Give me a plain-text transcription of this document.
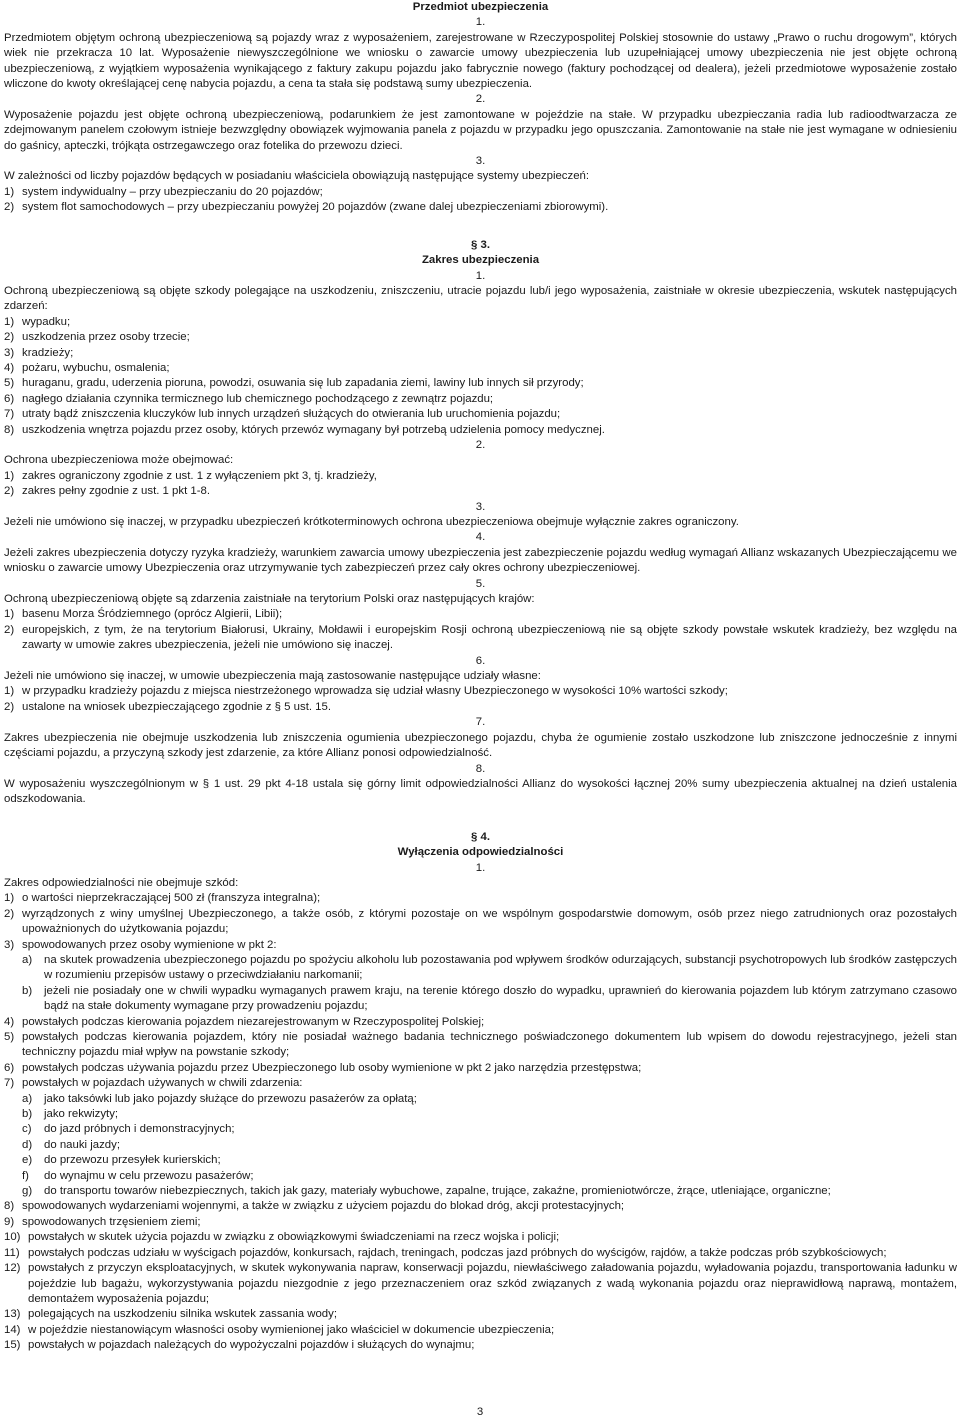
Przedmiot ubezpieczenia
1.
Przedmiotem objętym ochroną ubezpieczeniową są pojazdy wraz z wyposażeniem, zarejestrowane w Rzeczypospolitej Polskiej stosownie do ustawy „Prawo o ruchu drogowym”, których wiek nie przekracza 10 lat. Wyposażenie niewyszczególnione we wniosku o zawarcie umowy ubezpieczenia lub uzupełniającej umowy ubezpieczenia nie jest objęte ochroną ubezpieczeniową, z wyjątkiem wyposażenia wynikającego z faktury zakupu pojazdu jako fabrycznie nowego (faktury pochodzącej od dealera), jeżeli przedmiotowe wyposażenie zostało wliczone do kwoty określającej cenę nabycia pojazdu, a cena ta stała się podstawą sumy ubezpieczenia.
2.
Wyposażenie pojazdu jest objęte ochroną ubezpieczeniową, podarunkiem że jest zamontowane w pojeździe na stałe. W przypadku ubezpieczania radia lub radioodtwarzacza ze zdejmowanym panelem czołowym istnieje bezwzględny obowiązek wyjmowania panela z pojazdu w przypadku jego opuszczania. Zamontowanie na stałe nie jest wymagane w odniesieniu do gaśnicy, apteczki, trójkąta ostrzegawczego oraz fotelika do przewozu dzieci.
3.
W zależności od liczby pojazdów będących w posiadaniu właściciela obowiązują następujące systemy ubezpieczeń:
1) system indywidualny – przy ubezpieczaniu do 20 pojazdów;
2) system flot samochodowych – przy ubezpieczaniu powyżej 20 pojazdów (zwane dalej ubezpieczeniami zbiorowymi).
§ 3.
Zakres ubezpieczenia
1.
Ochroną ubezpieczeniową są objęte szkody polegające na uszkodzeniu, zniszczeniu, utracie pojazdu lub/i jego wyposażenia, zaistniałe w okresie ubezpieczenia, wskutek następujących zdarzeń:
1) wypadku;
2) uszkodzenia przez osoby trzecie;
3) kradzieży;
4) pożaru, wybuchu, osmalenia;
5) huraganu, gradu, uderzenia pioruna, powodzi, osuwania się lub zapadania ziemi, lawiny lub innych sił przyrody;
6) nagłego działania czynnika termicznego lub chemicznego pochodzącego z zewnątrz pojazdu;
7) utraty bądź zniszczenia kluczyków lub innych urządzeń służących do otwierania lub uruchomienia pojazdu;
8) uszkodzenia wnętrza pojazdu przez osoby, których przewóz wymagany był potrzebą udzielenia pomocy medycznej.
2.
Ochrona ubezpieczeniowa może obejmować:
1) zakres ograniczony zgodnie z ust. 1 z wyłączeniem pkt 3, tj. kradzieży,
2) zakres pełny zgodnie z ust. 1 pkt 1-8.
3.
Jeżeli nie umówiono się inaczej, w przypadku ubezpieczeń krótkoterminowych ochrona ubezpieczeniowa obejmuje wyłącznie zakres ograniczony.
4.
Jeżeli zakres ubezpieczenia dotyczy ryzyka kradzieży, warunkiem zawarcia umowy ubezpieczenia jest zabezpieczenie pojazdu według wymagań Allianz wskazanych Ubezpieczającemu we wniosku o zawarcie umowy Ubezpieczenia oraz utrzymywanie tych zabezpieczeń przez cały okres ochrony ubezpieczeniowej.
5.
Ochroną ubezpieczeniową objęte są zdarzenia zaistniałe na terytorium Polski oraz następujących krajów:
1) basenu Morza Śródziemnego (oprócz Algierii, Libii);
2) europejskich, z tym, że na terytorium Białorusi, Ukrainy, Mołdawii i europejskim Rosji ochroną ubezpieczeniową nie są objęte szkody powstałe wskutek kradzieży, bez względu na zawarty w umowie zakres ubezpieczenia, jeżeli nie umówiono się inaczej.
6.
Jeżeli nie umówiono się inaczej, w umowie ubezpieczenia mają zastosowanie następujące udziały własne:
1) w przypadku kradzieży pojazdu z miejsca niestrzeżonego wprowadza się udział własny Ubezpieczonego w wysokości 10% wartości szkody;
2) ustalone na wniosek ubezpieczającego zgodnie z § 5 ust. 15.
7.
Zakres ubezpieczenia nie obejmuje uszkodzenia lub zniszczenia ogumienia ubezpieczonego pojazdu, chyba że ogumienie zostało uszkodzone lub zniszczone jednocześnie z innymi częściami pojazdu, a przyczyną szkody jest zdarzenie, za które Allianz ponosi odpowiedzialność.
8.
W wyposażeniu wyszczególnionym w § 1 ust. 29 pkt 4-18 ustala się górny limit odpowiedzialności Allianz do wysokości łącznej 20% sumy ubezpieczenia aktualnej na dzień ustalenia odszkodowania.
§ 4.
Wyłączenia odpowiedzialności
1.
Zakres odpowiedzialności nie obejmuje szkód:
1) o wartości nieprzekraczającej 500 zł (franszyza integralna);
2) wyrządzonych z winy umyślnej Ubezpieczonego, a także osób, z którymi pozostaje on we wspólnym gospodarstwie domowym, osób przez niego zatrudnionych oraz pozostałych upoważnionych do użytkowania pojazdu;
3) spowodowanych przez osoby wymienione w pkt 2:
a)	na skutek prowadzenia ubezpieczonego pojazdu po spożyciu alkoholu lub pozostawania pod wpływem środków odurzających, substancji psychotropowych lub środków zastępczych w rozumieniu przepisów ustawy o przeciwdziałaniu narkomanii;
b)	jeżeli nie posiadały one w chwili wypadku wymaganych prawem kraju, na terenie którego doszło do wypadku, uprawnień do kierowania pojazdem lub którym zatrzymano czasowo bądź na stałe dokumenty wymagane przy prowadzeniu pojazdu;
4) powstałych podczas kierowania pojazdem niezarejestrowanym w Rzeczypospolitej Polskiej;
5) powstałych podczas kierowania pojazdem, który nie posiadał ważnego badania technicznego poświadczonego dokumentem lub wpisem do dowodu rejestracyjnego, jeżeli stan techniczny pojazdu miał wpływ na powstanie szkody;
6) powstałych podczas używania pojazdu przez Ubezpieczonego lub osoby wymienione w pkt 2 jako narzędzia przestępstwa;
7) powstałych w pojazdach używanych w chwili zdarzenia:
a)	jako taksówki lub jako pojazdy służące do przewozu pasażerów za opłatą;
b)	jako rekwizyty;
c)	do jazd próbnych i demonstracyjnych;
d)	do nauki jazdy;
e)	do przewozu przesyłek kurierskich;
f)	do wynajmu w celu przewozu pasażerów;
g)	do transportu towarów niebezpiecznych, takich jak gazy, materiały wybuchowe, zapalne, trujące, zakaźne, promieniotwórcze, żrące, utleniające, organiczne;
8) spowodowanych wydarzeniami wojennymi, a także w związku z użyciem pojazdu do blokad dróg, akcji protestacyjnych;
9) spowodowanych trzęsieniem ziemi;
10) powstałych w skutek użycia pojazdu w związku z obowiązkowymi świadczeniami na rzecz wojska i policji;
11) powstałych podczas udziału w wyścigach pojazdów, konkursach, rajdach, treningach, podczas jazd próbnych do wyścigów, rajdów, a także podczas prób szybkościowych;
12) powstałych z przyczyn eksploatacyjnych, w skutek wykonywania napraw, konserwacji pojazdu, niewłaściwego załadowania pojazdu, wyładowania pojazdu, transportowania ładunku w pojeździe lub bagażu, wykorzystywania pojazdu niezgodnie z jego przeznaczeniem oraz szkód związanych z wadą wykonania pojazdu oraz nieprawidłową naprawą, montażem, demontażem wyposażenia pojazdu;
13) polegających na uszkodzeniu silnika wskutek zassania wody;
14) w pojeździe niestanowiącym własności osoby wymienionej jako właściciel w dokumencie ubezpieczenia;
15) powstałych w pojazdach należących do wypożyczalni pojazdów i służących do wynajmu;
3
